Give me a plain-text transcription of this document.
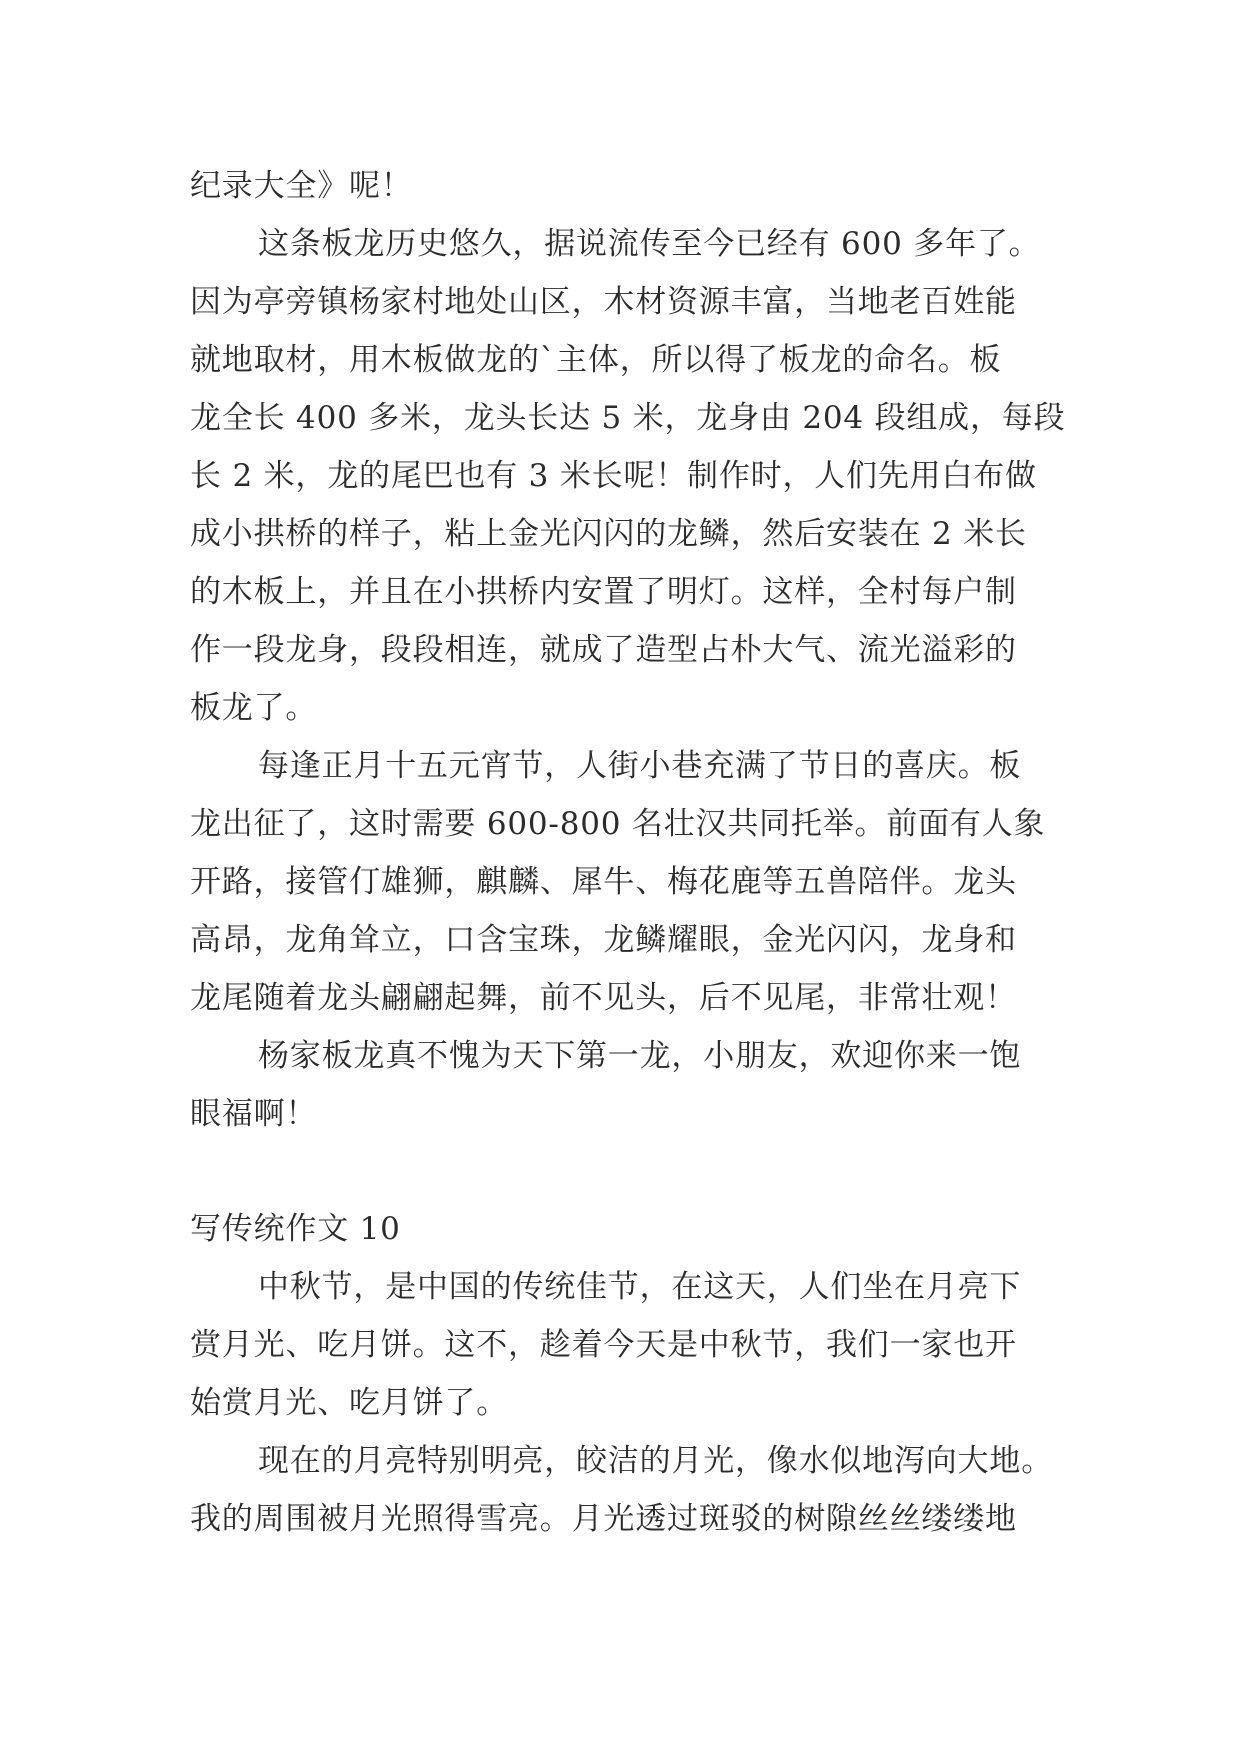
纪录大全》呢！
这条板龙历史悠久，据说流传至今已经有 600 多年了。
因为亭旁镇杨家村地处山区，木材资源丰富，当地老百姓能
就地取材，用木板做龙的`主体，所以得了板龙的命名。板
龙全长 400 多米，龙头长达 5 米，龙身由 204 段组成，每段
长 2 米，龙的尾巴也有 3 米长呢！制作时，人们先用白布做
成小拱桥的样子，粘上金光闪闪的龙鳞，然后安装在 2 米长
的木板上，并且在小拱桥内安置了明灯。这样，全村每户制
作一段龙身，段段相连，就成了造型占朴大气、流光溢彩的
板龙了。
每逢正月十五元宵节，人街小巷充满了节日的喜庆。板
龙出征了，这时需要 600-800 名壮汉共同托举。前面有人象
开路，接管仃雄狮，麒麟、犀牛、梅花鹿等五兽陪伴。龙头
高昂，龙角耸立，口含宝珠，龙鳞耀眼，金光闪闪，龙身和
龙尾随着龙头翩翩起舞，前不见头，后不见尾，非常壮观！
杨家板龙真不愧为天下第一龙，小朋友，欢迎你来一饱
眼福啊！
写传统作文 10
中秋节，是中国的传统佳节，在这天，人们坐在月亮下
赏月光、吃月饼。这不，趁着今天是中秋节，我们一家也开
始赏月光、吃月饼了。
现在的月亮特别明亮，皎洁的月光，像水似地泻向大地。
我的周围被月光照得雪亮。月光透过斑驳的树隙丝丝缕缕地
